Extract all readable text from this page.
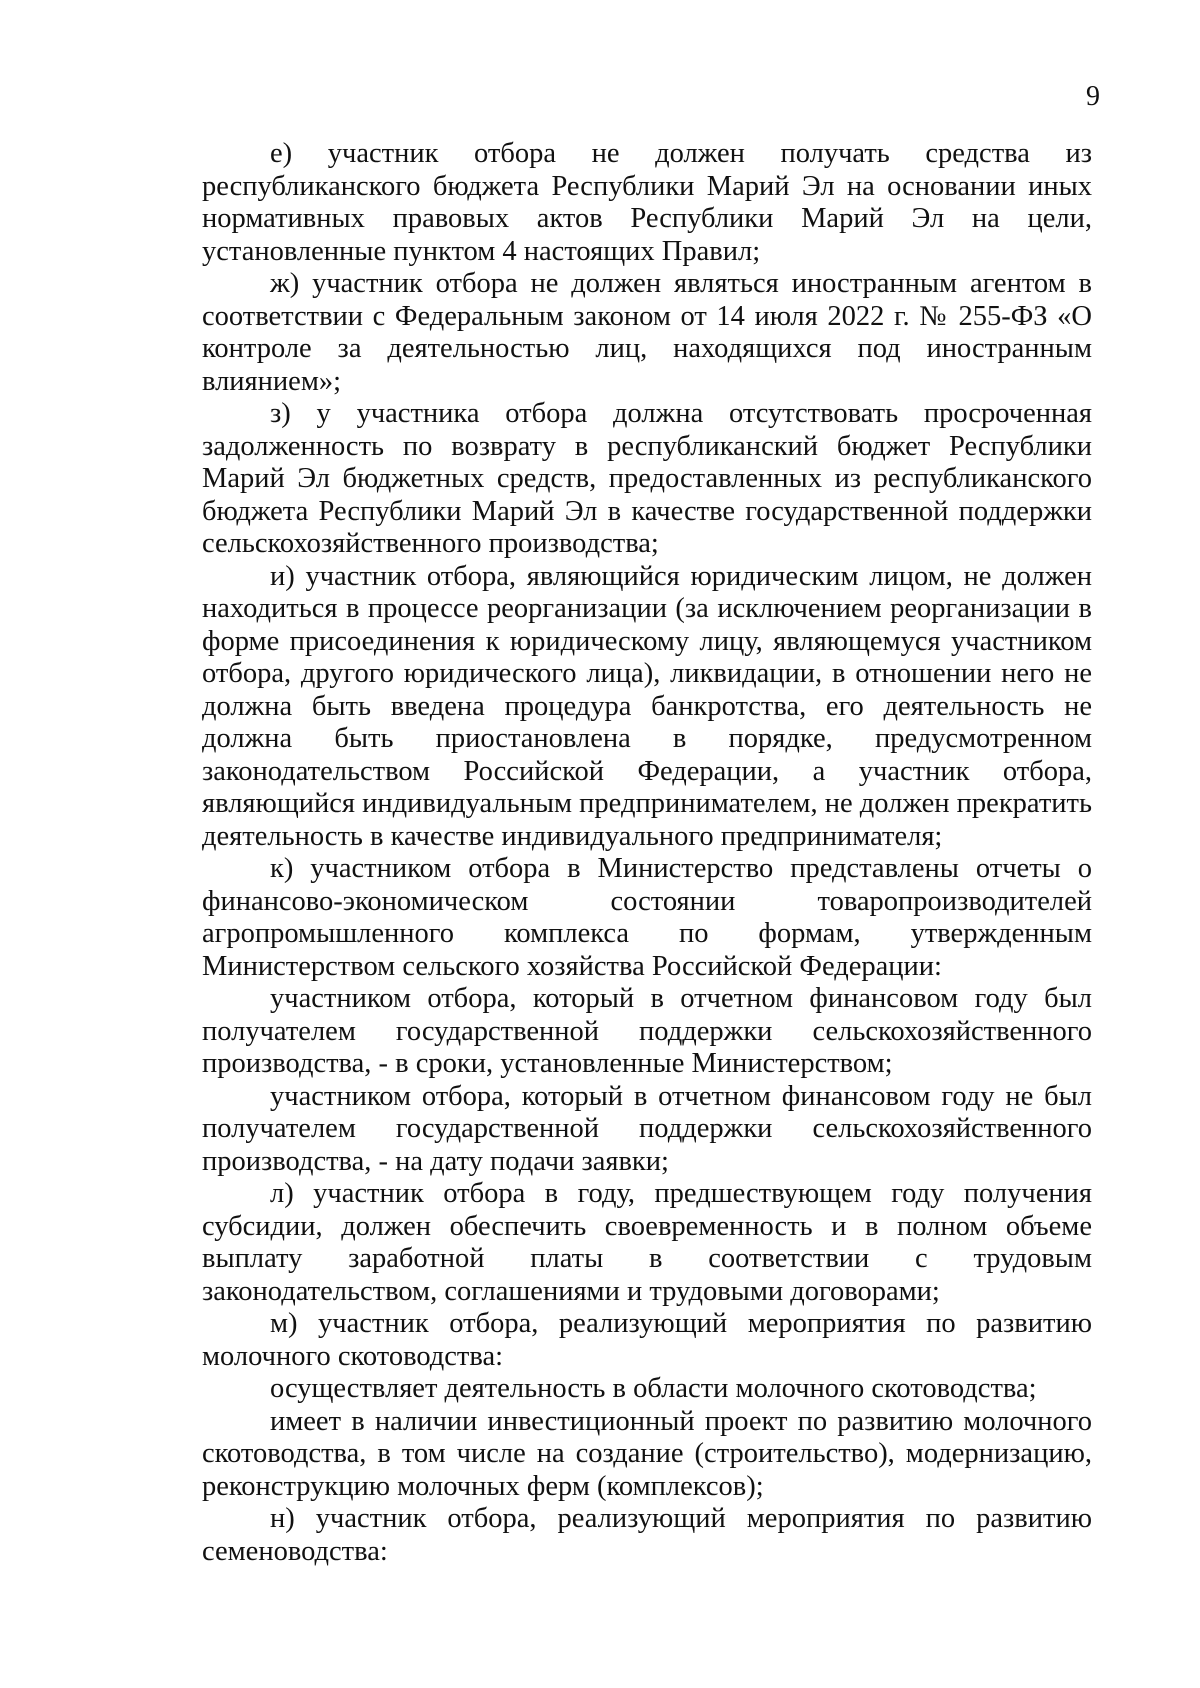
9

е) участник отбора не должен получать средства из республиканского бюджета Республики Марий Эл на основании иных нормативных правовых актов Республики Марий Эл на цели, установленные пунктом 4 настоящих Правил;

ж) участник отбора не должен являться иностранным агентом в соответствии с Федеральным законом от 14 июля 2022 г. № 255-ФЗ «О контроле за деятельностью лиц, находящихся под иностранным влиянием»;

з) у участника отбора должна отсутствовать просроченная задолженность по возврату в республиканский бюджет Республики Марий Эл бюджетных средств, предоставленных из республиканского бюджета Республики Марий Эл в качестве государственной поддержки сельскохозяйственного производства;

и) участник отбора, являющийся юридическим лицом, не должен находиться в процессе реорганизации (за исключением реорганизации в форме присоединения к юридическому лицу, являющемуся участником отбора, другого юридического лица), ликвидации, в отношении него не должна быть введена процедура банкротства, его деятельность не должна быть приостановлена в порядке, предусмотренном законодательством Российской Федерации, а участник отбора, являющийся индивидуальным предпринимателем, не должен прекратить деятельность в качестве индивидуального предпринимателя;

к) участником отбора в Министерство представлены отчеты о финансово-экономическом состоянии товаропроизводителей агропромышленного комплекса по формам, утвержденным Министерством сельского хозяйства Российской Федерации:

участником отбора, который в отчетном финансовом году был получателем государственной поддержки сельскохозяйственного производства, - в сроки, установленные Министерством;

участником отбора, который в отчетном финансовом году не был получателем государственной поддержки сельскохозяйственного производства, - на дату подачи заявки;

л) участник отбора в году, предшествующем году получения субсидии, должен обеспечить своевременность и в полном объеме выплату заработной платы в соответствии с трудовым законодательством, соглашениями и трудовыми договорами;

м) участник отбора, реализующий мероприятия по развитию молочного скотоводства:

осуществляет деятельность в области молочного скотоводства;

имеет в наличии инвестиционный проект по развитию молочного скотоводства, в том числе на создание (строительство), модернизацию, реконструкцию молочных ферм (комплексов);

н) участник отбора, реализующий мероприятия по развитию семеноводства:
